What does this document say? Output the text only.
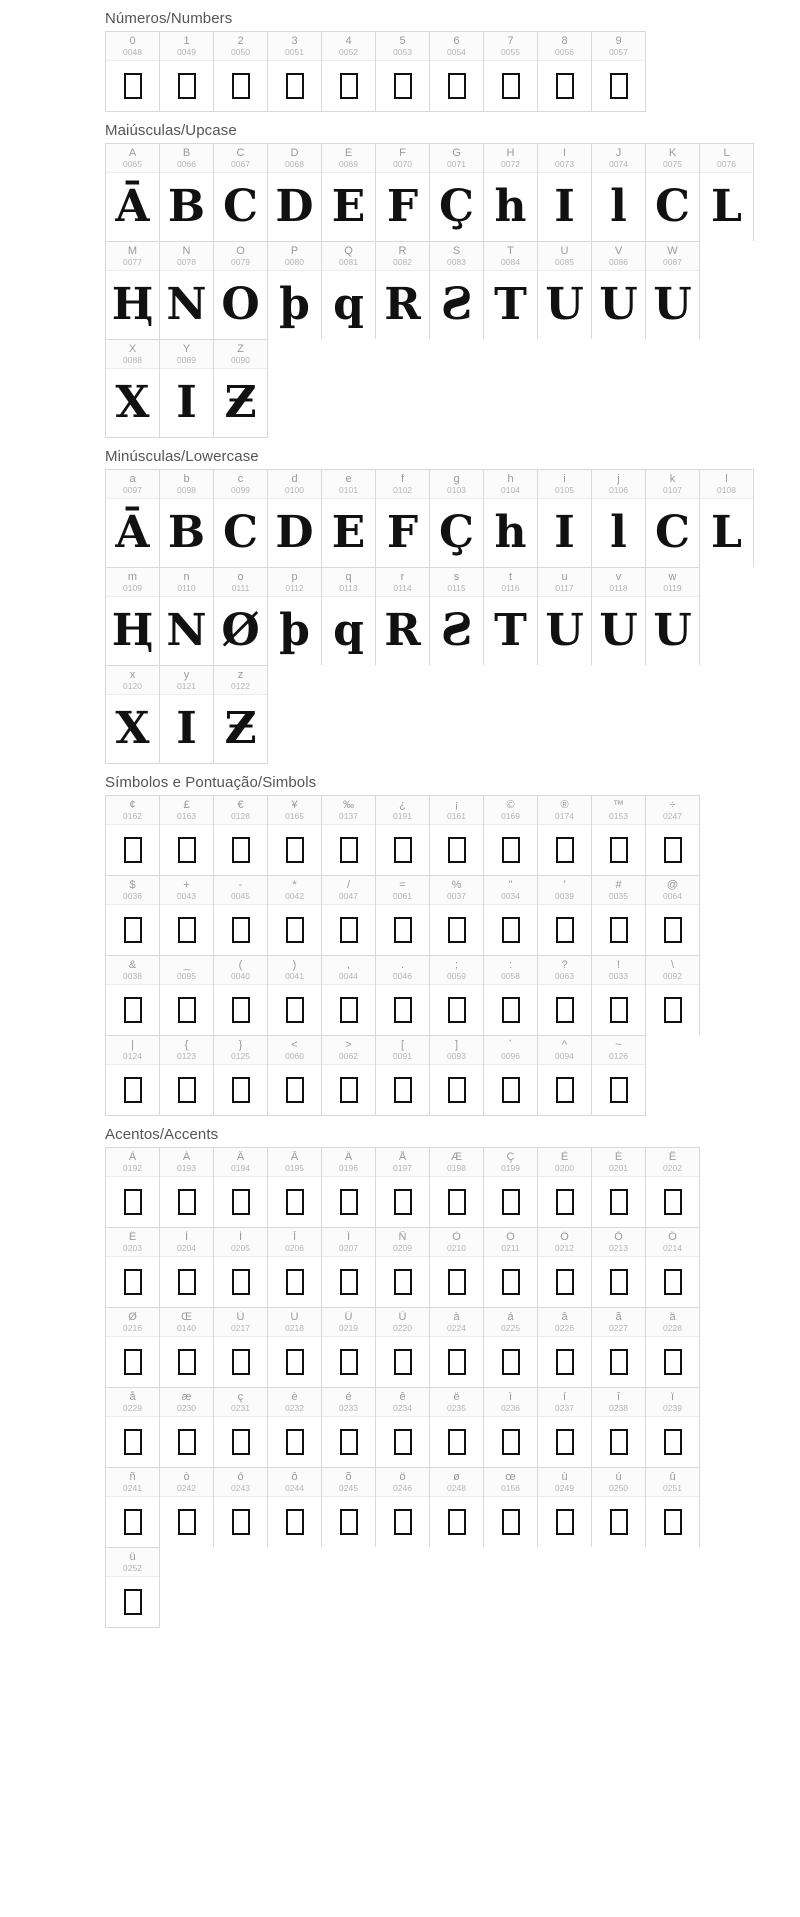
Números/Numbers
0
0048
1
0049
2
0050
3
0051
4
0052
5
0053
6
0054
7
0055
8
0056
9
0057
Maiúsculas/Upcase
A
0065
Ā
B
0066
B
C
0067
C
D
0068
D
E
0069
E
F
0070
F
G
0071
Ç
H
0072
h
I
0073
I
J
0074
l
K
0075
C
L
0076
L
M
0077
Ⱨ
N
0078
N
O
0079
O
P
0080
þ
Q
0081
q
R
0082
R
S
0083
Ƨ
T
0084
T
U
0085
U
V
0086
U
W
0087
U
X
0088
X
Y
0089
I
Z
0090
Ƶ
Minúsculas/Lowercase
a
0097
Ā
b
0098
B
c
0099
C
d
0100
D
e
0101
E
f
0102
F
g
0103
Ç
h
0104
h
i
0105
I
j
0106
l
k
0107
C
l
0108
L
m
0109
Ⱨ
n
0110
N
o
0111
Ø
p
0112
þ
q
0113
q
r
0114
R
s
0115
Ƨ
t
0116
T
u
0117
U
v
0118
U
w
0119
U
x
0120
X
y
0121
I
z
0122
Ƶ
Símbolos e Pontuação/Simbols
¢
0162
£
0163
€
0128
¥
0165
‰
0137
¿
0191
¡
0161
©
0169
®
0174
™
0153
÷
0247
$
0036
+
0043
-
0045
*
0042
/
0047
=
0061
%
0037
"
0034
'
0039
#
0035
@
0064
&
0038
_
0095
(
0040
)
0041
,
0044
.
0046
;
0059
:
0058
?
0063
!
0033
\
0092
|
0124
{
0123
}
0125
<
0060
>
0062
[
0091
]
0093
`
0096
^
0094
~
0126
Acentos/Accents
À
0192
Á
0193
Â
0194
Ã
0195
Ä
0196
Å
0197
Æ
0198
Ç
0199
È
0200
É
0201
Ê
0202
Ë
0203
Ì
0204
Í
0205
Î
0206
Ï
0207
Ñ
0209
Ò
0210
Ó
0211
Ô
0212
Õ
0213
Ö
0214
Ø
0216
Œ
0140
Ù
0217
Ú
0218
Û
0219
Ü
0220
à
0224
á
0225
â
0226
ã
0227
ä
0228
å
0229
æ
0230
ç
0231
è
0232
é
0233
ê
0234
ë
0235
ì
0236
í
0237
î
0238
ï
0239
ñ
0241
ò
0242
ó
0243
ô
0244
õ
0245
ö
0246
ø
0248
œ
0156
ù
0249
ú
0250
û
0251
ü
0252
